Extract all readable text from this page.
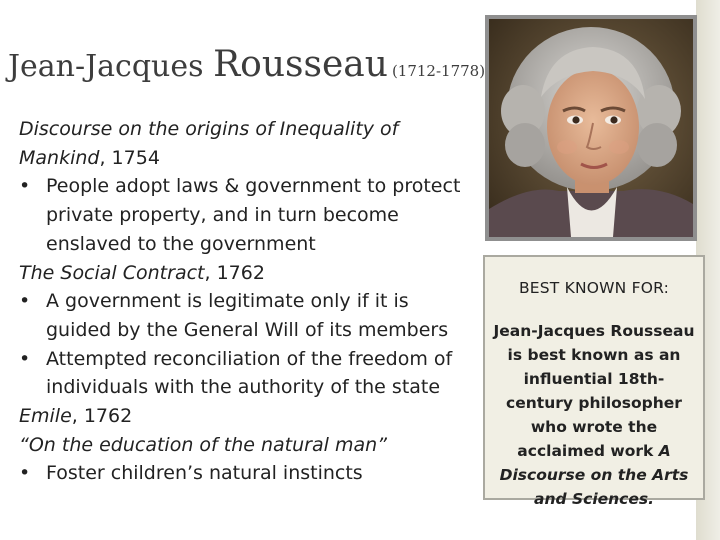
Jean-Jacques Rousseau (1712-1778)

Discourse on the origins of Inequality of Mankind, 1754

• People adopt laws & government to protect private property, and in turn become enslaved to the government

The Social Contract, 1762

• A government is legitimate only if it is guided by the General Will of its members
• Attempted reconciliation of the freedom of individuals with the authority of the state

Emile, 1762

“On the education of the natural man”

• Foster children’s natural instincts
BEST KNOWN FOR:
Jean-Jacques Rousseau is best known as an influential 18th-century philosopher who wrote the acclaimed work A Discourse on the Arts and Sciences.
